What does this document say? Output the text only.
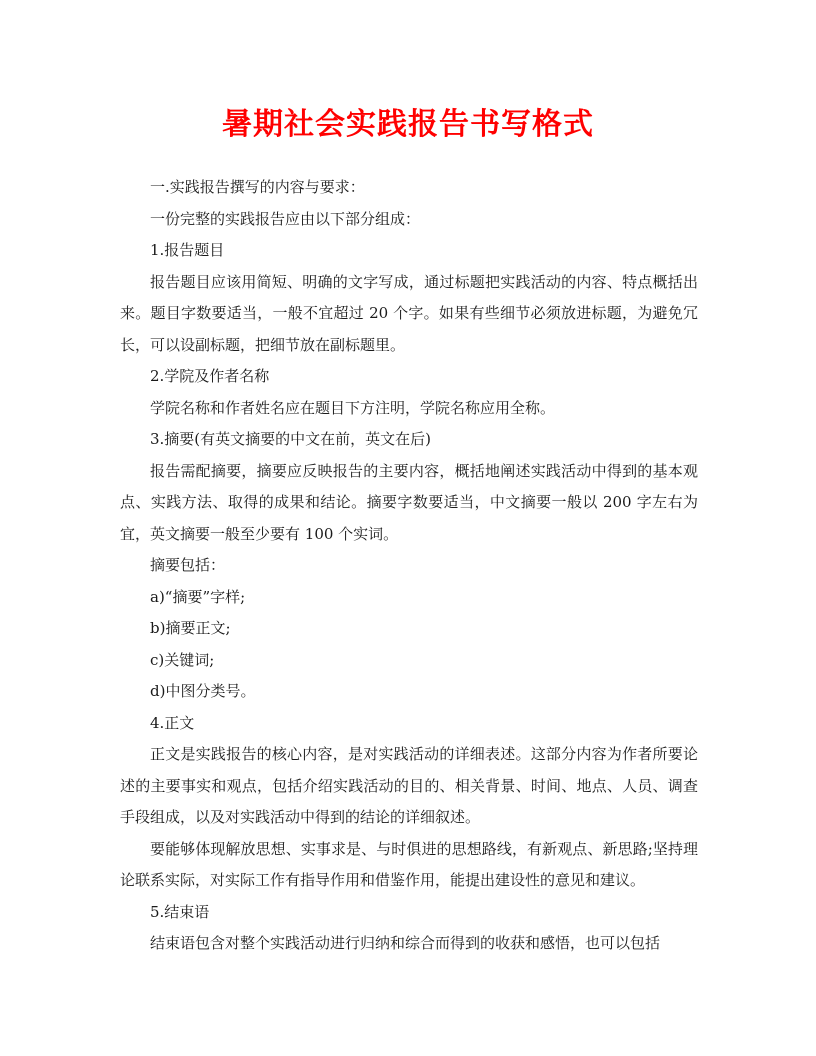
暑期社会实践报告书写格式

一.实践报告撰写的内容与要求：

一份完整的实践报告应由以下部分组成：

1.报告题目

报告题目应该用简短、明确的文字写成，通过标题把实践活动的内容、特点概括出来。题目字数要适当，一般不宜超过 20 个字。如果有些细节必须放进标题，为避免冗长，可以设副标题，把细节放在副标题里。

2.学院及作者名称

学院名称和作者姓名应在题目下方注明，学院名称应用全称。

3.摘要(有英文摘要的中文在前，英文在后)

报告需配摘要，摘要应反映报告的主要内容，概括地阐述实践活动中得到的基本观点、实践方法、取得的成果和结论。摘要字数要适当，中文摘要一般以 200 字左右为宜，英文摘要一般至少要有 100 个实词。

摘要包括：

a)“摘要”字样;

b)摘要正文;

c)关键词;

d)中图分类号。

4.正文

正文是实践报告的核心内容，是对实践活动的详细表述。这部分内容为作者所要论述的主要事实和观点，包括介绍实践活动的目的、相关背景、时间、地点、人员、调查手段组成，以及对实践活动中得到的结论的详细叙述。

要能够体现解放思想、实事求是、与时俱进的思想路线，有新观点、新思路;坚持理论联系实际，对实际工作有指导作用和借鉴作用，能提出建设性的意见和建议。

5.结束语

结束语包含对整个实践活动进行归纳和综合而得到的收获和感悟，也可以包括
